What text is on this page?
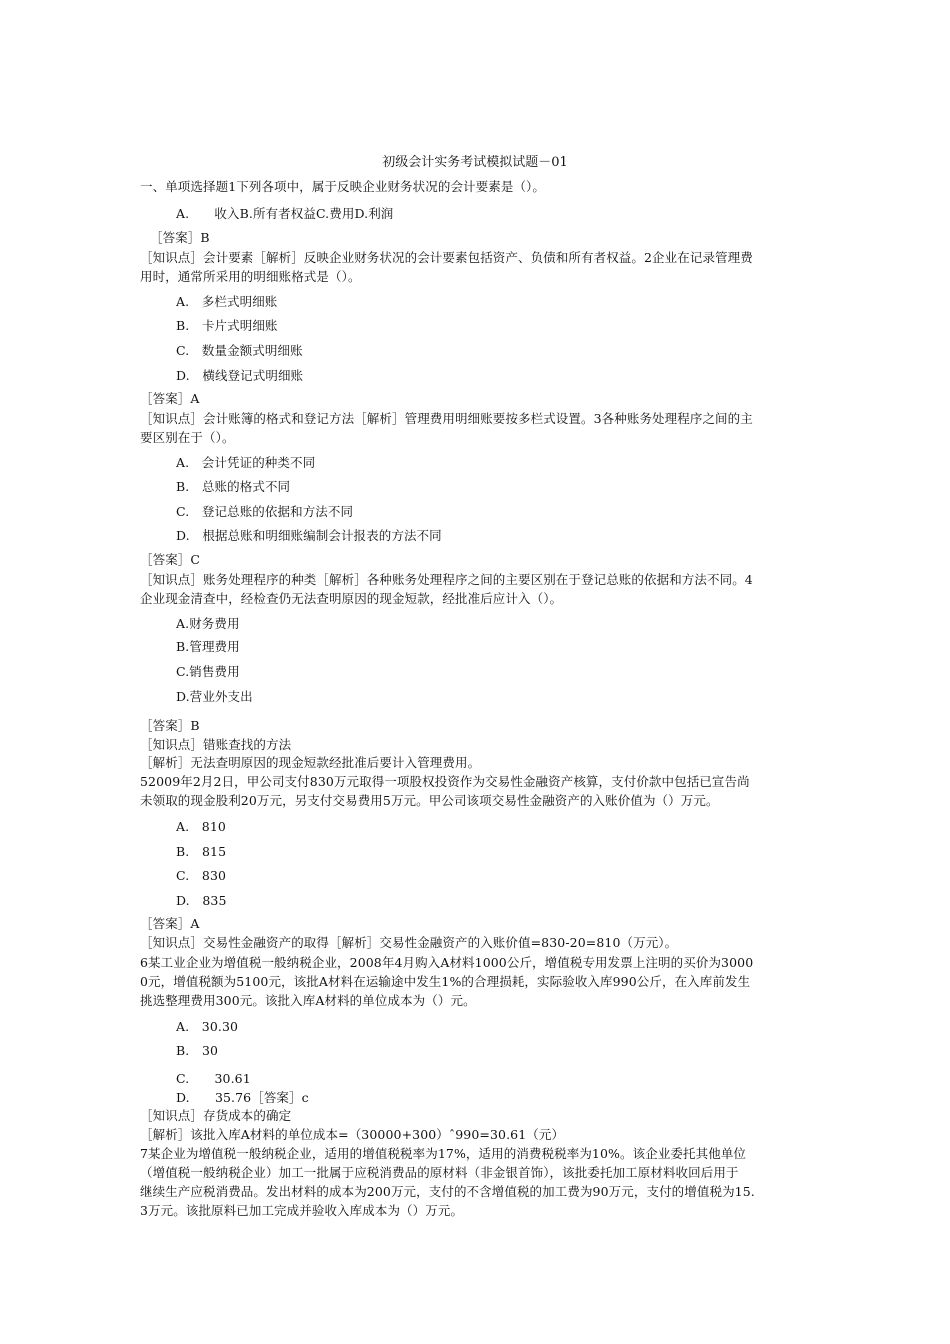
初级会计实务考试模拟试题－01
一、单项选择题1下列各项中，属于反映企业财务状况的会计要素是（）。
A.　　收入B.所有者权益C.费用D.利润
［答案］B
［知识点］会计要素［解析］反映企业财务状况的会计要素包括资产、负债和所有者权益。2企业在记录管理费
用时，通常所采用的明细账格式是（）。
A.　多栏式明细账
B.　卡片式明细账
C.　数量金额式明细账
D.　横线登记式明细账
［答案］A
［知识点］会计账簿的格式和登记方法［解析］管理费用明细账要按多栏式设置。3各种账务处理程序之间的主
要区别在于（）。
A.　会计凭证的种类不同
B.　总账的格式不同
C.　登记总账的依据和方法不同
D.　根据总账和明细账编制会计报表的方法不同
［答案］C
［知识点］账务处理程序的种类［解析］各种账务处理程序之间的主要区别在于登记总账的依据和方法不同。4
企业现金清查中，经检查仍无法查明原因的现金短款，经批准后应计入（）。
A.财务费用
B.管理费用
C.销售费用
D.营业外支出
［答案］B
［知识点］错账查找的方法
［解析］无法查明原因的现金短款经批准后要计入管理费用。
52009年2月2日，甲公司支付830万元取得一项股权投资作为交易性金融资产核算，支付价款中包括已宣告尚
未领取的现金股利20万元，另支付交易费用5万元。甲公司该项交易性金融资产的入账价值为（）万元。
A.　810
B.　815
C.　830
D.　835
［答案］A
［知识点］交易性金融资产的取得［解析］交易性金融资产的入账价值=830-20=810（万元）。
6某工业企业为增值税一般纳税企业，2008年4月购入A材料1000公斤，增值税专用发票上注明的买价为3000
0元，增值税额为5100元，该批A材料在运输途中发生1%的合理损耗，实际验收入库990公斤，在入库前发生
挑选整理费用300元。该批入库A材料的单位成本为（）元。
A.　30.30
B.　30
C.　　30.61
D.　　35.76［答案］c
［知识点］存货成本的确定
［解析］该批入库A材料的单位成本=（30000+300）ˆ990=30.61（元）
7某企业为增值税一般纳税企业，适用的增值税税率为17%，适用的消费税税率为10%。该企业委托其他单位
（增值税一般纳税企业）加工一批属于应税消费品的原材料（非金银首饰），该批委托加工原材料收回后用于
继续生产应税消费品。发出材料的成本为200万元，支付的不含增值税的加工费为90万元，支付的增值税为15.
3万元。该批原料已加工完成并验收入库成本为（）万元。
